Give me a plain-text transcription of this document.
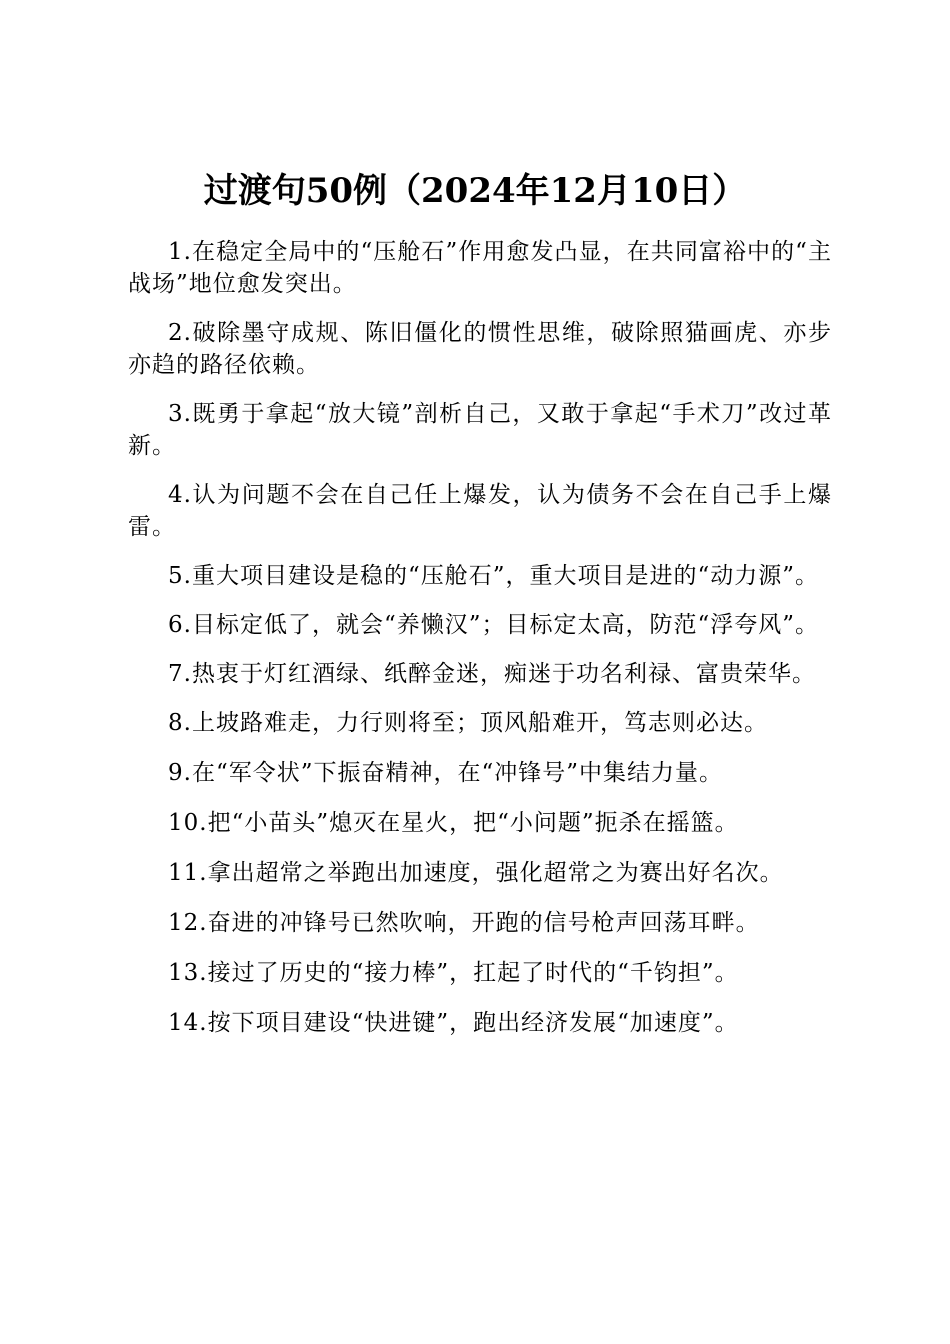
过渡句50例（2024年12月10日）

1.在稳定全局中的“压舱石”作用愈发凸显，在共同富裕中的“主战场”地位愈发突出。

2.破除墨守成规、陈旧僵化的惯性思维，破除照猫画虎、亦步亦趋的路径依赖。

3.既勇于拿起“放大镜”剖析自己，又敢于拿起“手术刀”改过革新。

4.认为问题不会在自己任上爆发，认为债务不会在自己手上爆雷。

5.重大项目建设是稳的“压舱石”，重大项目是进的“动力源”。

6.目标定低了，就会“养懒汉”；目标定太高，防范“浮夸风”。

7.热衷于灯红酒绿、纸醉金迷，痴迷于功名利禄、富贵荣华。

8.上坡路难走，力行则将至；顶风船难开，笃志则必达。

9.在“军令状”下振奋精神，在“冲锋号”中集结力量。

10.把“小苗头”熄灭在星火，把“小问题”扼杀在摇篮。

11.拿出超常之举跑出加速度，强化超常之为赛出好名次。

12.奋进的冲锋号已然吹响，开跑的信号枪声回荡耳畔。

13.接过了历史的“接力棒”，扛起了时代的“千钧担”。

14.按下项目建设“快进键”，跑出经济发展“加速度”。
